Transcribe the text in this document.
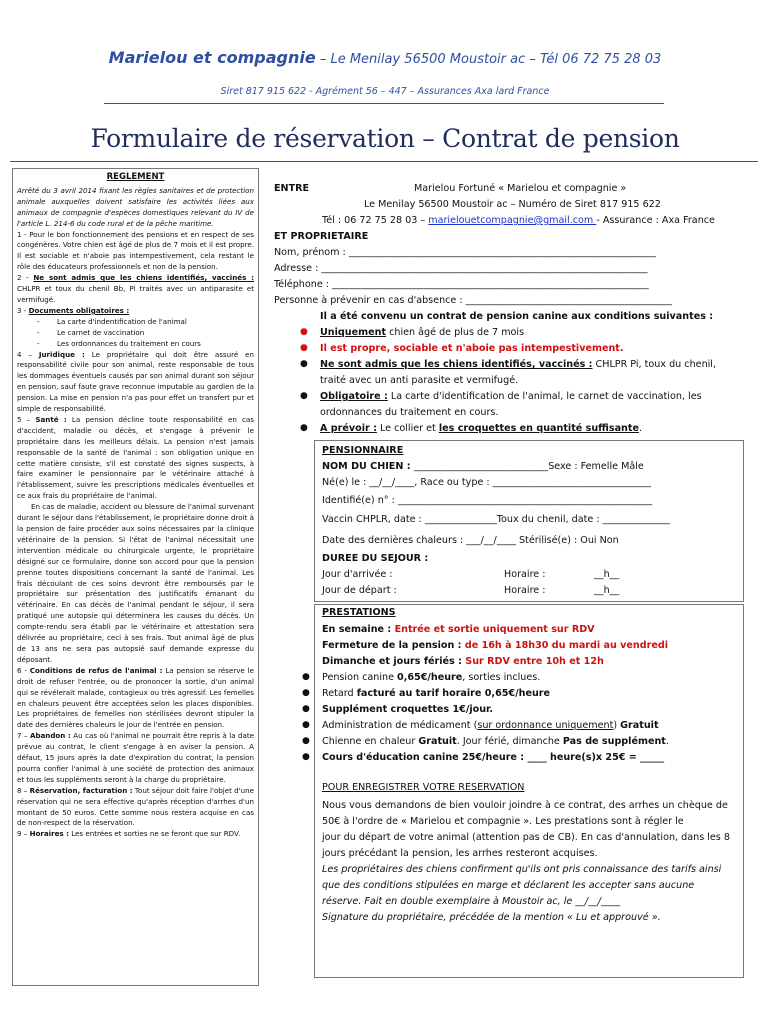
Marielou et compagnie – Le Menilay 56500 Moustoir ac – Tél 06 72 75 28 03
Siret 817 915 622 - Agrément 56 – 447 – Assurances Axa lard France
Formulaire de réservation – Contrat de pension
REGLEMENT
Arrêté du 3 avril 2014 fixant les règles sanitaires et de protection animale auxquelles doivent satisfaire les activités liées aux animaux de compagnie d'espèces domestiques relevant du IV de l'article L. 214-6 du code rural et de la pêche maritime.
1 - Pour le bon fonctionnement des pensions et en respect de ses congénères. Votre chien est âgé de plus de 7 mois et il est propre. Il est sociable et n'aboie pas intempestivement, cela restant le rôle des éducateurs professionnels et non de la pension.
2 - Ne sont admis que les chiens identifiés, vaccinés : CHLPR et toux du chenil Bb, Pi traités avec un antiparasite et vermifugé.
3 - Documents obligatoires :
- La carte d'indentification de l'animal
- Le carnet de vaccination
- Les ordonnances du traitement en cours
4 – Juridique : Le propriétaire qui doit être assuré en responsabilité civile pour son animal, reste responsable de tous les dommages éventuels causés par son animal durant son séjour en pension, sauf faute grave reconnue imputable au gardien de la pension. La mise en pension n'a pas pour effet un transfert pur et simple de responsabilité.
5 – Santé : La pension décline toute responsabilité en cas d'accident, maladie ou décès, et s'engage à prévenir le propriétaire dans les meilleurs délais. La pension n'est jamais responsable de la santé de l'animal : son obligation unique en cette matière consiste, s'il est constaté des signes suspects, à faire examiner le pensionnaire par le vétérinaire attaché à l'établissement, suivre les prescriptions médicales éventuelles et ce aux frais du propriétaire de l'animal.
En cas de maladie, accident ou blessure de l'animal survenant durant le séjour dans l'établissement, le propriétaire donne droit à la pension de faire procéder aux soins nécessaires par la clinique vétérinaire de la pension. Si l'état de l'animal nécessitait une intervention médicale ou chirurgicale urgente, le propriétaire désigné sur ce formulaire, donne son accord pour que la pension prenne toutes dispositions concernant la santé de l'animal. Les frais découlant de ces soins devront être remboursés par le propriétaire sur présentation des justificatifs émanant du vétérinaire. En cas décès de l'animal pendant le séjour, il sera pratiqué une autopsie qui déterminera les causes du décès. Un compte-rendu sera établi par le vétérinaire et attestation sera délivrée au propriétaire, ceci à ses frais. Tout animal âgé de plus de 13 ans ne sera pas autopsié sauf demande expresse du déposant.
6 - Conditions de refus de l'animal : La pension se réserve le droit de refuser l'entrée, ou de prononcer la sortie, d'un animal qui se révélerait malade, contagieux ou très agressif. Les femelles en chaleurs peuvent être acceptées selon les places disponibles. Les propriétaires de femelles non stérilisées devront stipuler la date des dernières chaleurs le jour de l'entrée en pension.
7 – Abandon : Au cas où l'animal ne pourrait être repris à la date prévue au contrat, le client s'engage à en aviser la pension. A défaut, 15 jours après la date d'expiration du contrat, la pension pourra confier l'animal à une société de protection des animaux et tous les suppléments seront à la charge du propriétaire.
8 – Réservation, facturation : Tout séjour doit faire l'objet d'une réservation qui ne sera effective qu'après réception d'arrhes d'un montant de 50 euros. Cette somme nous restera acquise en cas de non-respect de la réservation.
9 – Horaires : Les entrées et sorties ne se feront que sur RDV.
ENTRE	Marielou Fortuné « Marielou et compagnie »
Le Menilay 56500 Moustoir ac – Numéro de Siret 817 915 622
Tél : 06 72 75 28 03 – marielouetcompagnie@gmail.com - Assurance : Axa France
ET PROPRIETAIRE
Nom, prénom : ________________________________________________________________
Adresse : ____________________________________________________________________
Téléphone : __________________________________________________________________
Personne à prévenir en cas d'absence : ___________________________________________
Il a été convenu un contrat de pension canine aux conditions suivantes :
● Uniquement chien âgé de plus de 7 mois
● Il est propre, sociable et n'aboie pas intempestivement.
● Ne sont admis que les chiens identifiés, vaccinés : CHLPR Pi, toux du chenil,
traité avec un anti parasite et vermifugé.
● Obligatoire : La carte d'identification de l'animal, le carnet de vaccination, les
ordonnances du traitement en cours.
● A prévoir : Le collier et les croquettes en quantité suffisante.
PENSIONNAIRE
NOM DU CHIEN : ____________________________Sexe : Femelle Mâle
Né(e) le : __/__/____, Race ou type : _________________________________
Identifié(e) n° : _____________________________________________________
Vaccin CHPLR, date : _______________Toux du chenil, date : ______________
Date des dernières chaleurs : ___/__/____ Stérilisé(e) : Oui Non
DUREE DU SEJOUR :
Jour d'arrivée :	Horaire :	__h__
Jour de départ :	Horaire :	__h__
PRESTATIONS
En semaine : Entrée et sortie uniquement sur RDV
Fermeture de la pension : de 16h à 18h30 du mardi au vendredi
Dimanche et jours fériés : Sur RDV entre 10h et 12h
● Pension canine 0,65€/heure, sorties inclues.
● Retard facturé au tarif horaire 0,65€/heure
● Supplément croquettes 1€/jour.
● Administration de médicament (sur ordonnance uniquement) Gratuit
● Chienne en chaleur Gratuit. Jour férié, dimanche Pas de supplément.
● Cours d'éducation canine 25€/heure : ____ heure(s)x 25€ = _____
POUR ENREGISTRER VOTRE RESERVATION
Nous vous demandons de bien vouloir joindre à ce contrat, des arrhes un chèque de
50€ à l'ordre de « Marielou et compagnie ». Les prestations sont à régler le
jour du départ de votre animal (attention pas de CB). En cas d'annulation, dans les 8
jours précédant la pension, les arrhes resteront acquises.
Les propriétaires des chiens confirment qu'ils ont pris connaissance des tarifs ainsi
que des conditions stipulées en marge et déclarent les accepter sans aucune
réserve. Fait en double exemplaire à Moustoir ac, le __/__/____
Signature du propriétaire, précédée de la mention « Lu et approuvé ».
